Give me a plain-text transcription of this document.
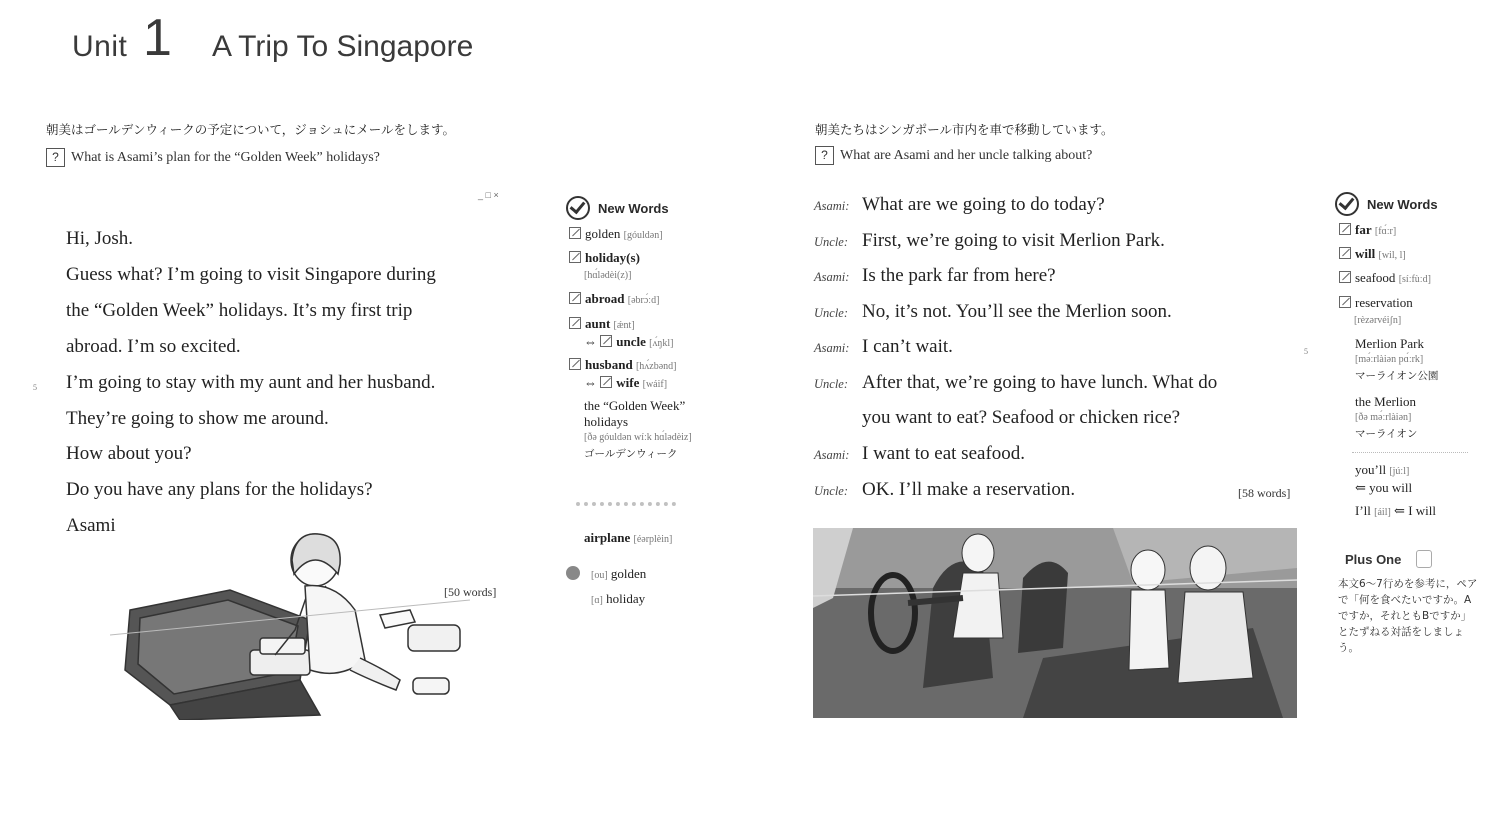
Unit 1 A Trip To Singapore
朝美はゴールデンウィークの予定について，ジョシュにメールをします。
? What is Asami’s plan for the “Golden Week” holidays?
_ □ ×
Hi, Josh.
Guess what? I’m going to visit Singapore during
the “Golden Week” holidays. It’s my first trip
abroad. I’m so excited.
I’m going to stay with my aunt and her husband.
They’re going to show me around.
How about you?
Do you have any plans for the holidays?
Asami
5
[50 words]
New Words
golden [góuldən]
holiday(s)
[hɑ́lədèi(z)]
abroad [əbrɔ́ːd]
aunt [ǽnt]
⇔ uncle [ʌ́ŋkl]
husband [hʌ́zbənd]
⇔ wife [wáif]
the “Golden Week” holidays
[ðə góuldən wíːk hɑ́lədèiz]
ゴールデンウィーク
airplane [éərplèin]
[ou] golden
[ɑ] holiday
朝美たちはシンガポール市内を車で移動しています。
? What are Asami and her uncle talking about?
Asami: What are we going to do today?
Uncle: First, we’re going to visit Merlion Park.
Asami: Is the park far from here?
Uncle: No, it’s not. You’ll see the Merlion soon.
Asami: I can’t wait.
Uncle: After that, we’re going to have lunch. What do
you want to eat? Seafood or chicken rice?
Asami: I want to eat seafood.
Uncle: OK. I’ll make a reservation.
5
[58 words]
New Words
far [fɑ́ːr]
will [wil, l]
seafood [síːfùːd]
reservation
[rèzərvéiʃn]
Merlion Park
[mə́ːrlàiən pɑ́ːrk]
マーライオン公園
the Merlion
[ðə mə́ːrlàiən]
マーライオン
you’ll [júːl]
⇐ you will
I’ll [áil] ⇐ I will
Plus One
本文6～7行めを参考に，ペアで「何を食べたいですか。Aですか，それともBですか」とたずねる対話をしましょう。
